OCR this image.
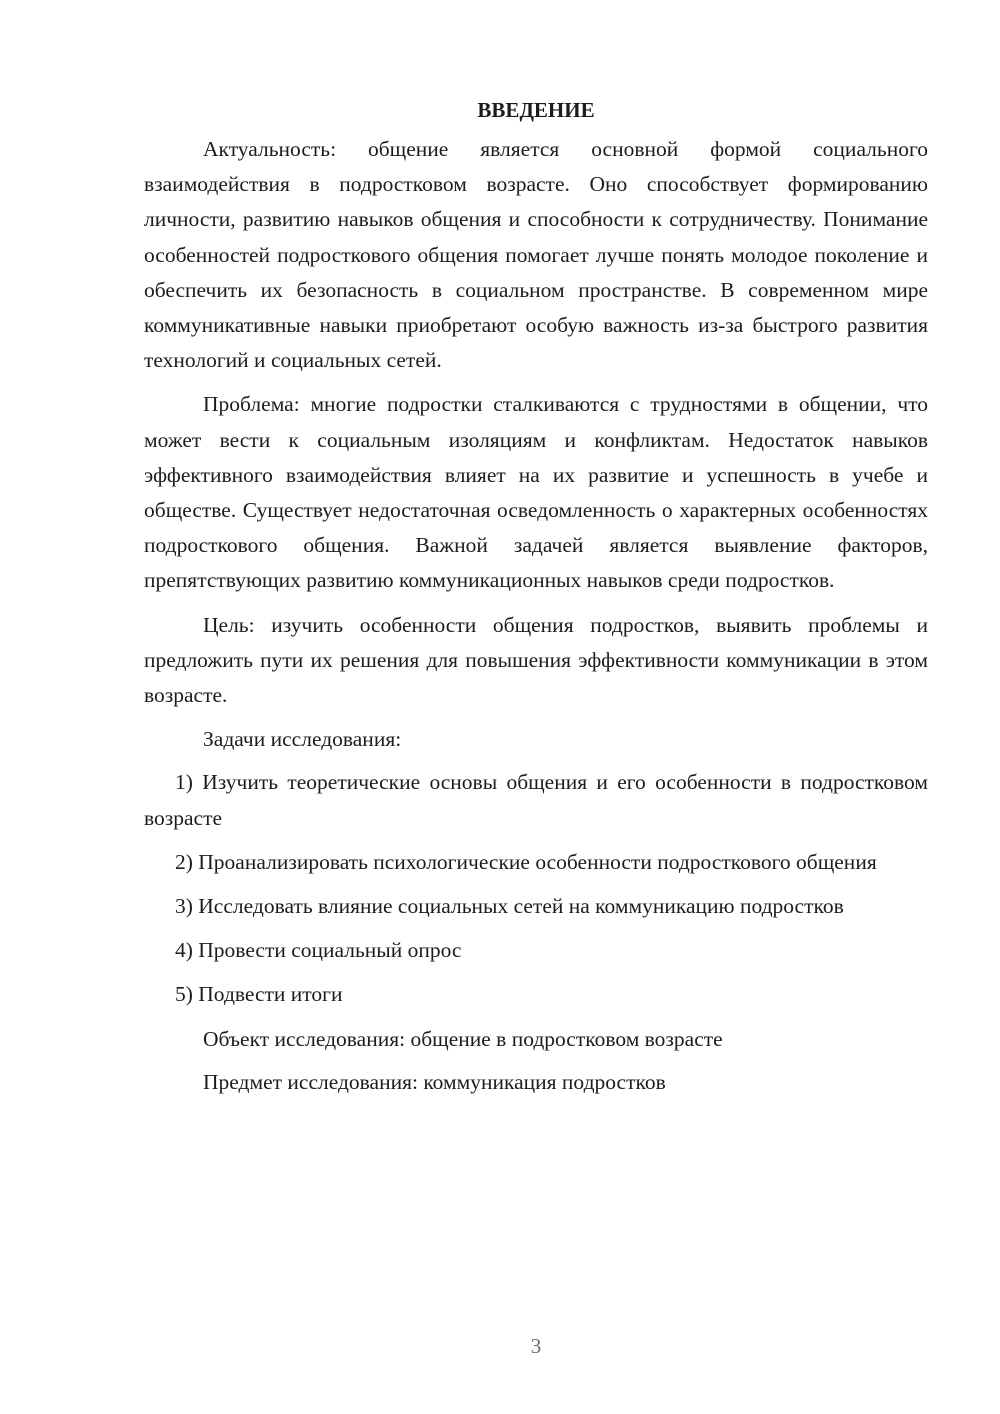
ВВЕДЕНИЕ

Актуальность: общение является основной формой социального взаимодействия в подростковом возрасте. Оно способствует формированию личности, развитию навыков общения и способности к сотрудничеству. Понимание особенностей подросткового общения помогает лучше понять молодое поколение и обеспечить их безопасность в социальном пространстве. В современном мире коммуникативные навыки приобретают особую важность из-за быстрого развития технологий и социальных сетей.

Проблема: многие подростки сталкиваются с трудностями в общении, что может вести к социальным изоляциям и конфликтам. Недостаток навыков эффективного взаимодействия влияет на их развитие и успешность в учебе и обществе. Существует недостаточная осведомленность о характерных особенностях подросткового общения. Важной задачей является выявление факторов, препятствующих развитию коммуникационных навыков среди подростков.

Цель: изучить особенности общения подростков, выявить проблемы и предложить пути их решения для повышения эффективности коммуникации в этом возрасте.

Задачи исследования:

1) Изучить теоретические основы общения и его особенности в подростковом возрасте

2) Проанализировать психологические особенности подросткового общения

3) Исследовать влияние социальных сетей на коммуникацию подростков

4) Провести социальный опрос

5) Подвести итоги

Объект исследования: общение в подростковом возрасте

Предмет исследования: коммуникация подростков

3
